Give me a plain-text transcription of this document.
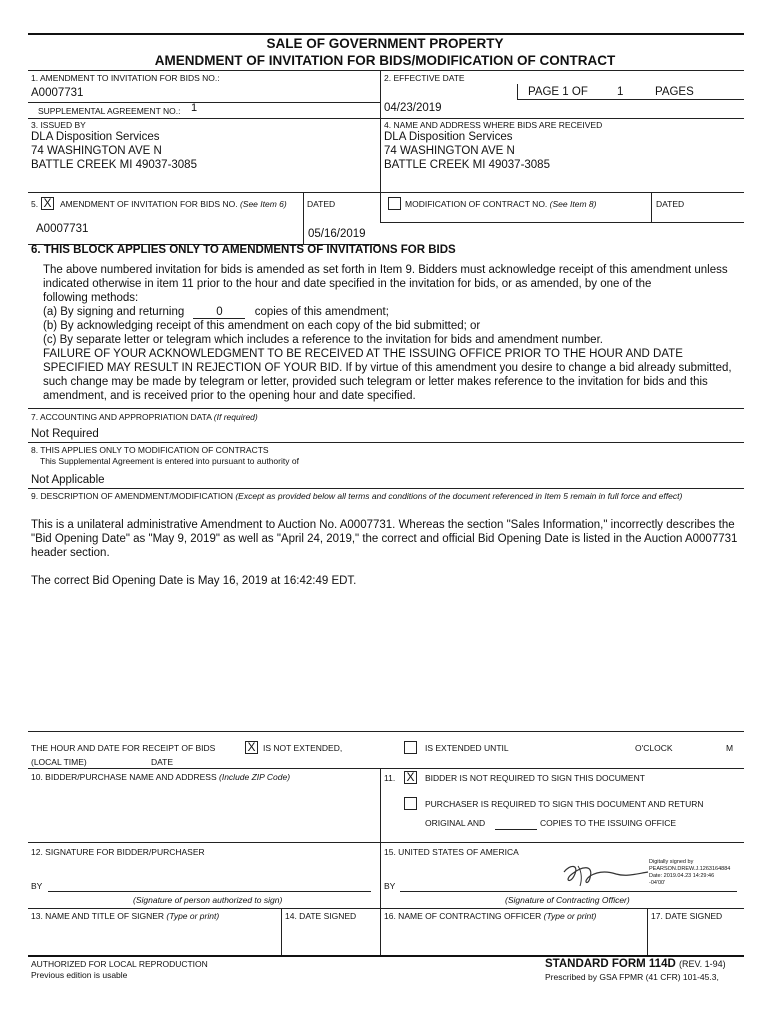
SALE OF GOVERNMENT PROPERTY
AMENDMENT OF INVITATION FOR BIDS/MODIFICATION OF CONTRACT
1. AMENDMENT TO INVITATION FOR BIDS NO.:
A0007731
SUPPLEMENTAL AGREEMENT NO.: 1
2. EFFECTIVE DATE
PAGE 1 OF	1	PAGES
04/23/2019
3. ISSUED BY
DLA Disposition Services
74 WASHINGTON AVE N
BATTLE CREEK MI 49037-3085
4. NAME AND ADDRESS WHERE BIDS ARE RECEIVED
DLA Disposition Services
74 WASHINGTON AVE N
BATTLE CREEK MI 49037-3085
5. X AMENDMENT OF INVITATION FOR BIDS NO. (See Item 6) DATED	MODIFICATION OF CONTRACT NO. (See Item 8)	DATED
A0007731	05/16/2019
6. THIS BLOCK APPLIES ONLY TO AMENDMENTS OF INVITATIONS FOR BIDS
The above numbered invitation for bids is amended as set forth in Item 9. Bidders must acknowledge receipt of this amendment unless
indicated otherwise in item 11 prior to the hour and date specified in the invitation for bids, or as amended, by one of the
following methods:
(a) By signing and returning	0	copies of this amendment;
(b) By acknowledging receipt of this amendment on each copy of the bid submitted; or
(c) By separate letter or telegram which includes a reference to the invitation for bids and amendment number.
FAILURE OF YOUR ACKNOWLEDGMENT TO BE RECEIVED AT THE ISSUING OFFICE PRIOR TO THE HOUR AND DATE
SPECIFIED MAY RESULT IN REJECTION OF YOUR BID. If by virtue of this amendment you desire to change a bid already submitted,
such change may be made by telegram or letter, provided such telegram or letter makes reference to the invitation for bids and this
amendment, and is received prior to the opening hour and date specified.
7. ACCOUNTING AND APPROPRIATION DATA (If required)
Not Required
8. THIS APPLIES ONLY TO MODIFICATION OF CONTRACTS
This Supplemental Agreement is entered into pursuant to authority of
Not Applicable
9. DESCRIPTION OF AMENDMENT/MODIFICATION (Except as provided below all terms and conditions of the document referenced in Item 5 remain in full force and effect)
This is a unilateral administrative Amendment to Auction No. A0007731. Whereas the section "Sales Information," incorrectly describes the
"Bid Opening Date" as "May 9, 2019" as well as "April 24, 2019," the correct and official Bid Opening Date is listed in the Auction A0007731
header section.
The correct Bid Opening Date is May 16, 2019 at 16:42:49 EDT.
THE HOUR AND DATE FOR RECEIPT OF BIDS
(LOCAL TIME)	DATE
X IS NOT EXTENDED,	IS EXTENDED UNTIL	O'CLOCK	M
10. BIDDER/PURCHASE NAME AND ADDRESS (Include ZIP Code)	11. X BIDDER IS NOT REQUIRED TO SIGN THIS DOCUMENT
PURCHASER IS REQUIRED TO SIGN THIS DOCUMENT AND RETURN
ORIGINAL AND	COPIES TO THE ISSUING OFFICE
12. SIGNATURE FOR BIDDER/PURCHASER
BY
(Signature of person authorized to sign)
15. UNITED STATES OF AMERICA
BY
Digitally signed by
PEARSON.DREW.J.1263164884
Date: 2019.04.23 14:29:46
-04'00'
(Signature of Contracting Officer)
13. NAME AND TITLE OF SIGNER (Type or print)	14. DATE SIGNED	16. NAME OF CONTRACTING OFFICER (Type or print)	17. DATE SIGNED
AUTHORIZED FOR LOCAL REPRODUCTION
Previous edition is usable
STANDARD FORM 114D (REV. 1-94)
Prescribed by GSA FPMR (41 CFR) 101-45.3,
